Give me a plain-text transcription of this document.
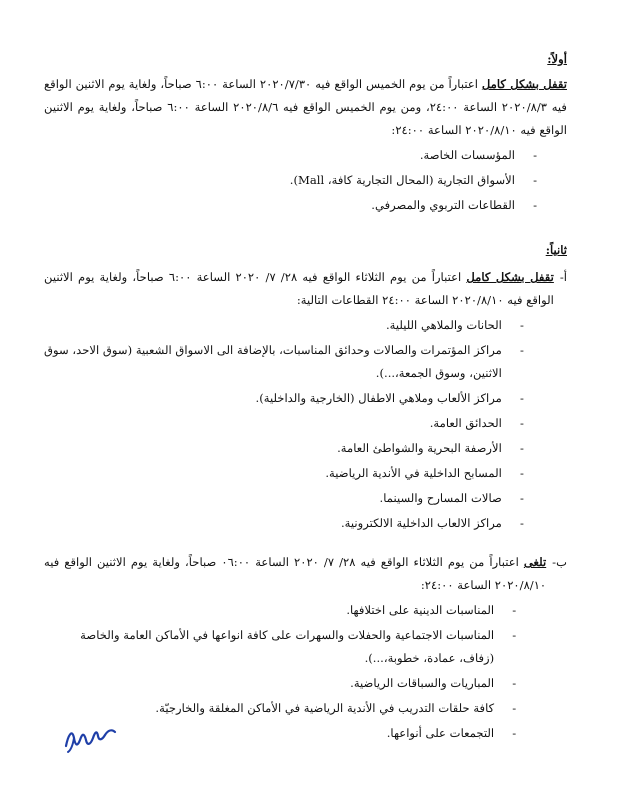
أولاً:

تقفل بشكل كامل اعتباراً من يوم الخميس الواقع فيه ٢٠٢٠/٧/٣٠ الساعة ٦:٠٠ صباحاً، ولغاية يوم الاثنين الواقع فيه ٢٠٢٠/٨/٣ الساعة ٢٤:٠٠، ومن يوم الخميس الواقع فيه ٢٠٢٠/٨/٦ الساعة ٦:٠٠ صباحاً، ولغاية يوم الاثنين الواقع فيه ٢٠٢٠/٨/١٠ الساعة ٢٤:٠٠:

- المؤسسات الخاصة.
- الأسواق التجارية (المحال التجارية كافة، Mall).
- القطاعات التربوي والمصرفي.
ثانياً:
أ-

تقفل بشكل كامل اعتباراً من يوم الثلاثاء الواقع فيه ٢٨/ ٧/ ٢٠٢٠ الساعة ٦:٠٠ صباحاً، ولغاية يوم الاثنين الواقع فيه ٢٠٢٠/٨/١٠ الساعة ٢٤:٠٠ القطاعات التالية:

- الحانات والملاهي الليلية.
- مراكز المؤتمرات والصالات وحدائق المناسبات، بالإضافة الى الاسواق الشعبية (سوق الاحد، سوق الاثنين، وسوق الجمعة،...).
- مراكز الألعاب وملاهي الاطفال (الخارجية والداخلية).
- الحدائق العامة.
- الأرصفة البحرية والشواطئ العامة.
- المسابح الداخلية في الأندية الرياضية.
- صالات المسارح والسينما.
- مراكز الالعاب الداخلية الالكترونية.
ب-

تلغى اعتباراً من يوم الثلاثاء الواقع فيه ٢٨/ ٧/ ٢٠٢٠ الساعة ٠٦:٠٠ صباحاً، ولغاية يوم الاثنين الواقع فيه ٢٠٢٠/٨/١٠ الساعة ٢٤:٠٠:

- المناسبات الدينية على اختلافها.
- المناسبات الاجتماعية والحفلات والسهرات على كافة انواعها في الأماكن العامة والخاصة (زفاف، عمادة، خطوبة،...).
- المباريات والسباقات الرياضية.
- كافة حلقات التدريب في الأندية الرياضية في الأماكن المغلقة والخارجيّة.
- التجمعات على أنواعها.
